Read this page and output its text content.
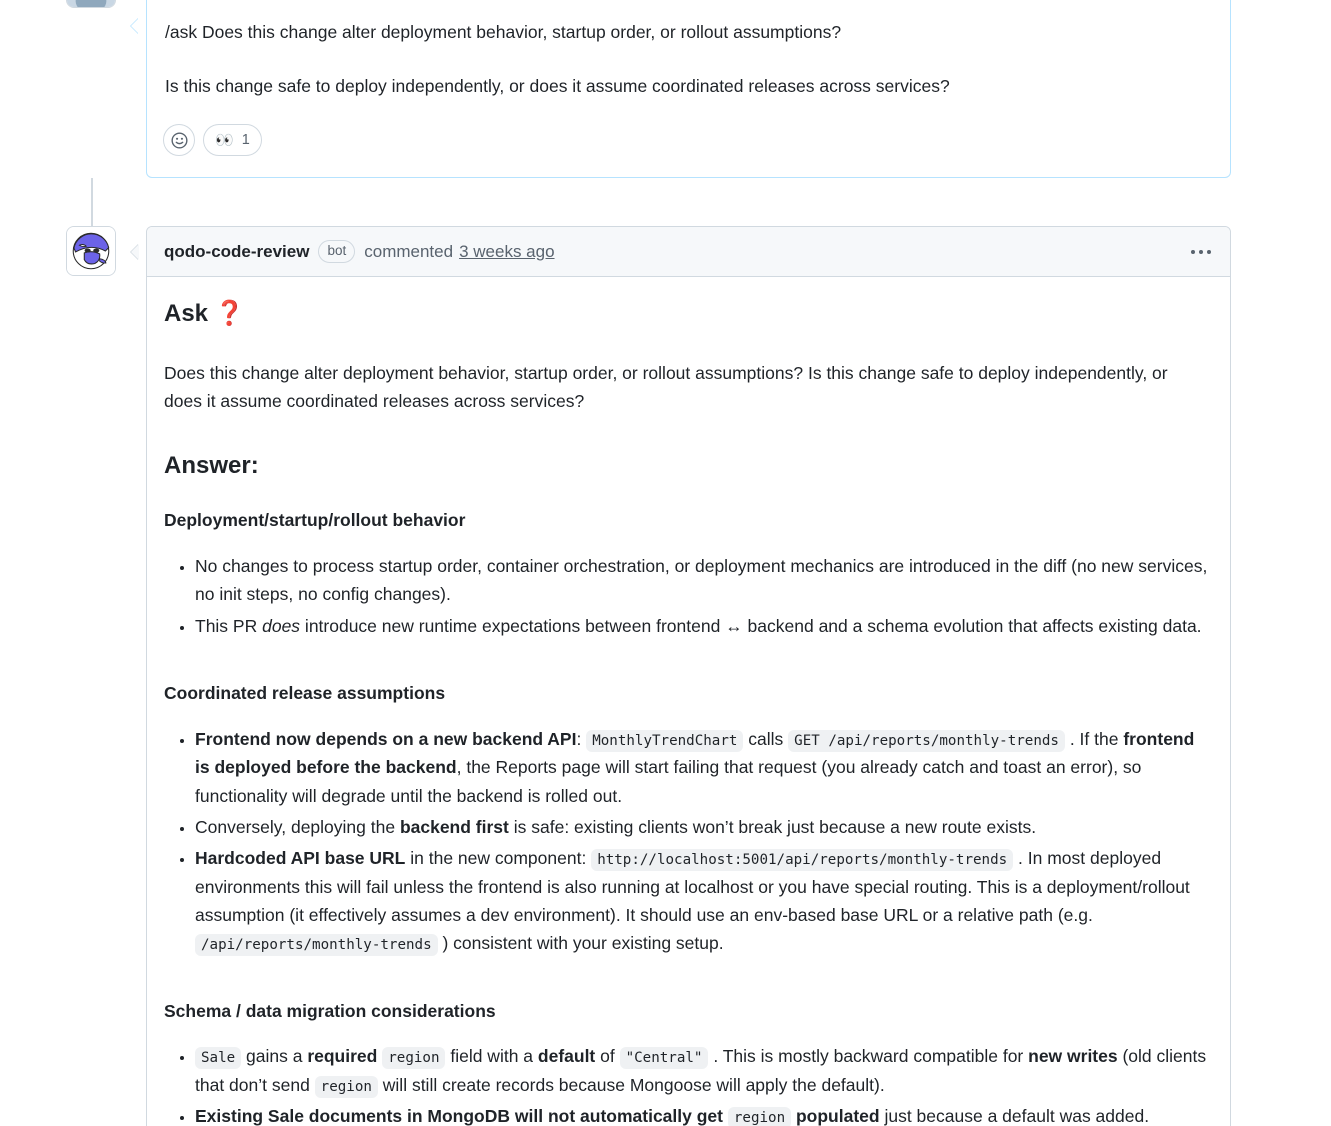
/ask Does this change alter deployment behavior, startup order, or rollout assumptions?

Is this change safe to deploy independently, or does it assume coordinated releases across services?

👀 1
qodo-code-review	bot	commented 3 weeks ago
Ask ❓

Does this change alter deployment behavior, startup order, or rollout assumptions? Is this change safe to deploy independently, or does it assume coordinated releases across services?

Answer:
Deployment/startup/rollout behavior
• No changes to process startup order, container orchestration, or deployment mechanics are introduced in the diff (no new services, no init steps, no config changes).
• This PR does introduce new runtime expectations between frontend ↔ backend and a schema evolution that affects existing data.
Coordinated release assumptions
• Frontend now depends on a new backend API: MonthlyTrendChart calls GET /api/reports/monthly-trends . If the frontend is deployed before the backend, the Reports page will start failing that request (you already catch and toast an error), so functionality will degrade until the backend is rolled out.
• Conversely, deploying the backend first is safe: existing clients won’t break just because a new route exists.
• Hardcoded API base URL in the new component: http://localhost:5001/api/reports/monthly-trends . In most deployed environments this will fail unless the frontend is also running at localhost or you have special routing. This is a deployment/rollout assumption (it effectively assumes a dev environment). It should use an env-based base URL or a relative path (e.g. /api/reports/monthly-trends ) consistent with your existing setup.
Schema / data migration considerations
• Sale gains a required region field with a default of "Central" . This is mostly backward compatible for new writes (old clients that don’t send region will still create records because Mongoose will apply the default).
• Existing Sale documents in MongoDB will not automatically get region populated just because a default was added.
